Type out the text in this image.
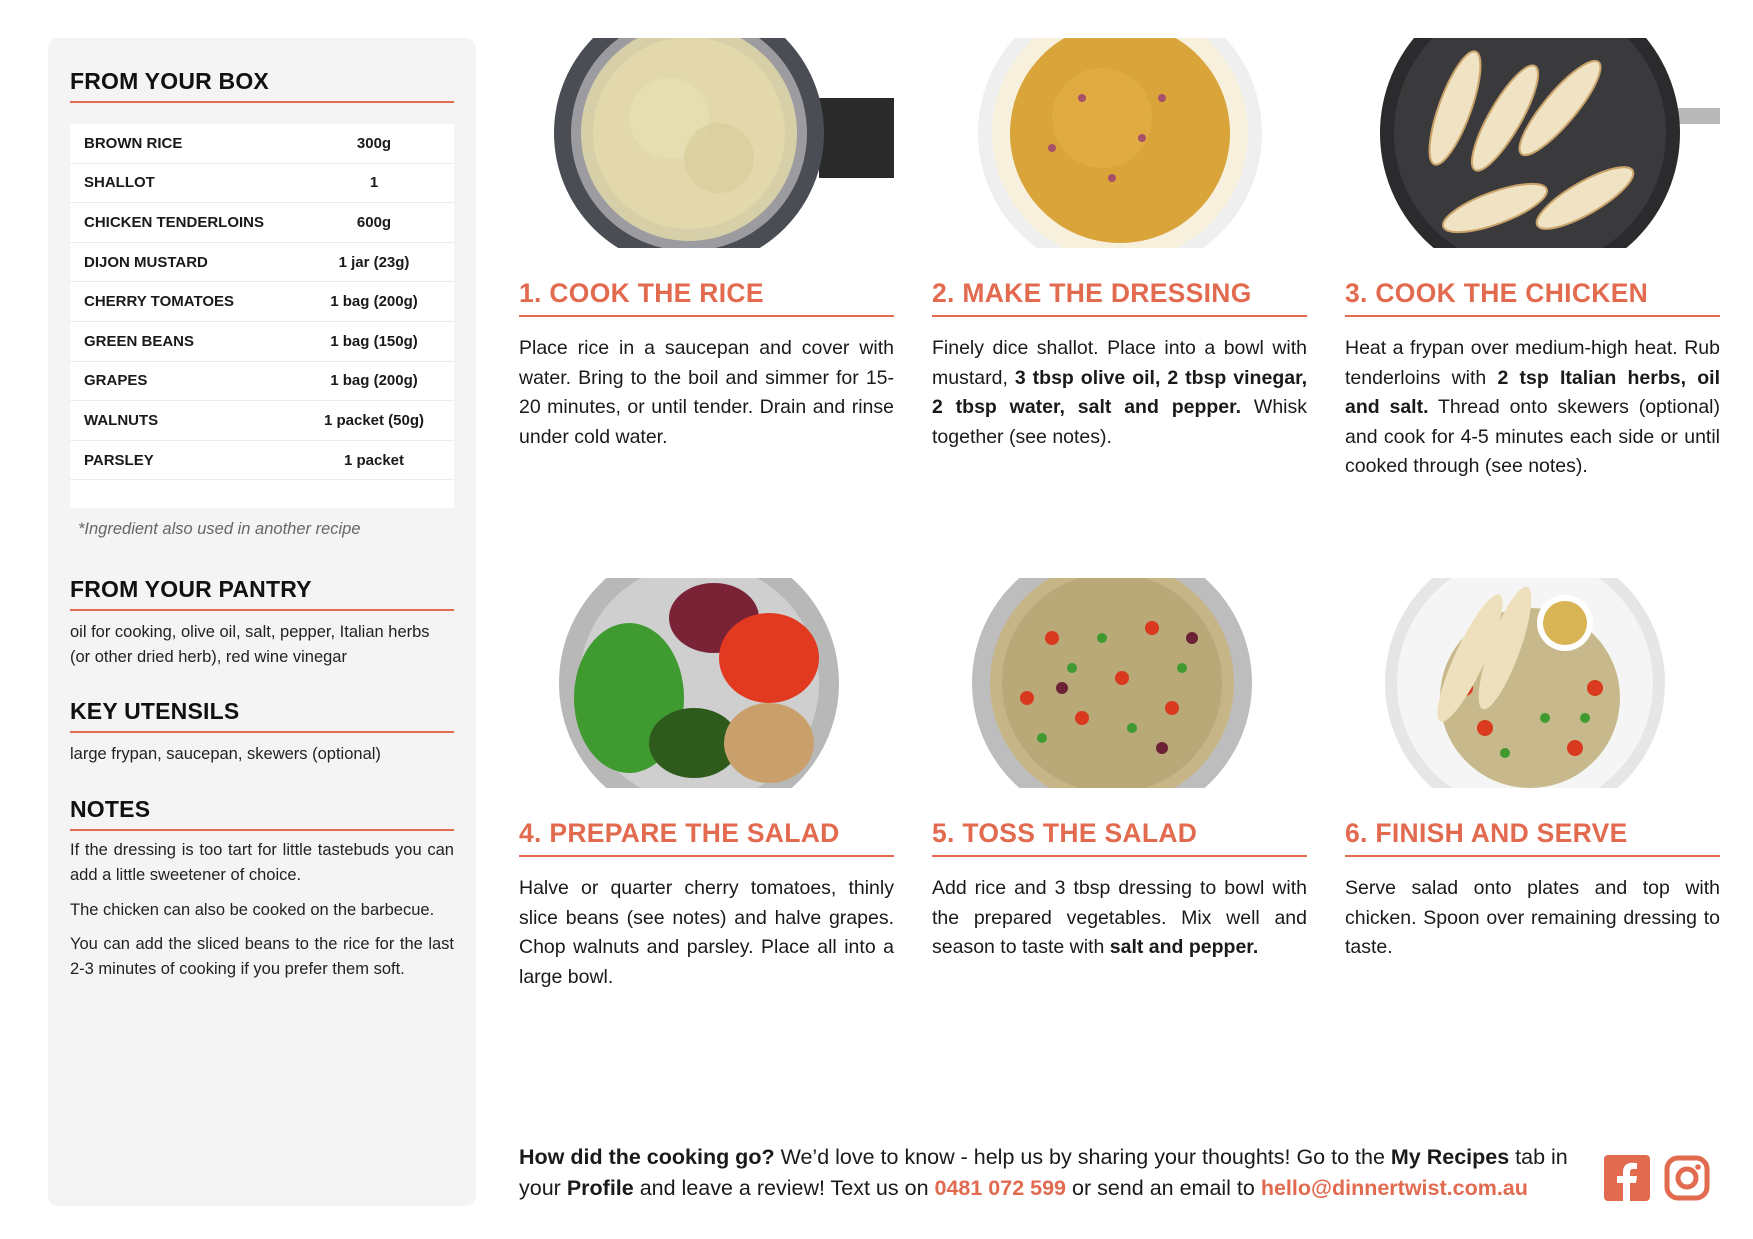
FROM YOUR BOX
BROWN RICE	300g
SHALLOT	1
CHICKEN TENDERLOINS	600g
DIJON MUSTARD	1 jar (23g)
CHERRY TOMATOES	1 bag (200g)
GREEN BEANS	1 bag (150g)
GRAPES	1 bag (200g)
WALNUTS	1 packet (50g)
PARSLEY	1 packet
*Ingredient also used in another recipe
FROM YOUR PANTRY
oil for cooking, olive oil, salt, pepper, Italian herbs (or other dried herb), red wine vinegar
KEY UTENSILS
large frypan, saucepan, skewers (optional)
NOTES

If the dressing is too tart for little tastebuds you can add a little sweetener of choice.

The chicken can also be cooked on the barbecue.

You can add the sliced beans to the rice for the last 2-3 minutes of cooking if you prefer them soft.

1. COOK THE RICE
Place rice in a saucepan and cover with water. Bring to the boil and simmer for 15-20 minutes, or until tender. Drain and rinse under cold water.
2. MAKE THE DRESSING
Finely dice shallot. Place into a bowl with mustard, 3 tbsp olive oil, 2 tbsp vinegar, 2 tbsp water, salt and pepper. Whisk together (see notes).
3. COOK THE CHICKEN
Heat a frypan over medium-high heat. Rub tenderloins with 2 tsp Italian herbs, oil and salt. Thread onto skewers (optional) and cook for 4-5 minutes each side or until cooked through (see notes).
4. PREPARE THE SALAD
Halve or quarter cherry tomatoes, thinly slice beans (see notes) and halve grapes. Chop walnuts and parsley. Place all into a large bowl.
5. TOSS THE SALAD
Add rice and 3 tbsp dressing to bowl with the prepared vegetables. Mix well and season to taste with salt and pepper.
6. FINISH AND SERVE
Serve salad onto plates and top with chicken. Spoon over remaining dressing to taste.
How did the cooking go? We’d love to know - help us by sharing your thoughts! Go to the My Recipes tab in your Profile and leave a review! Text us on 0481 072 599 or send an email to hello@dinnertwist.com.au
